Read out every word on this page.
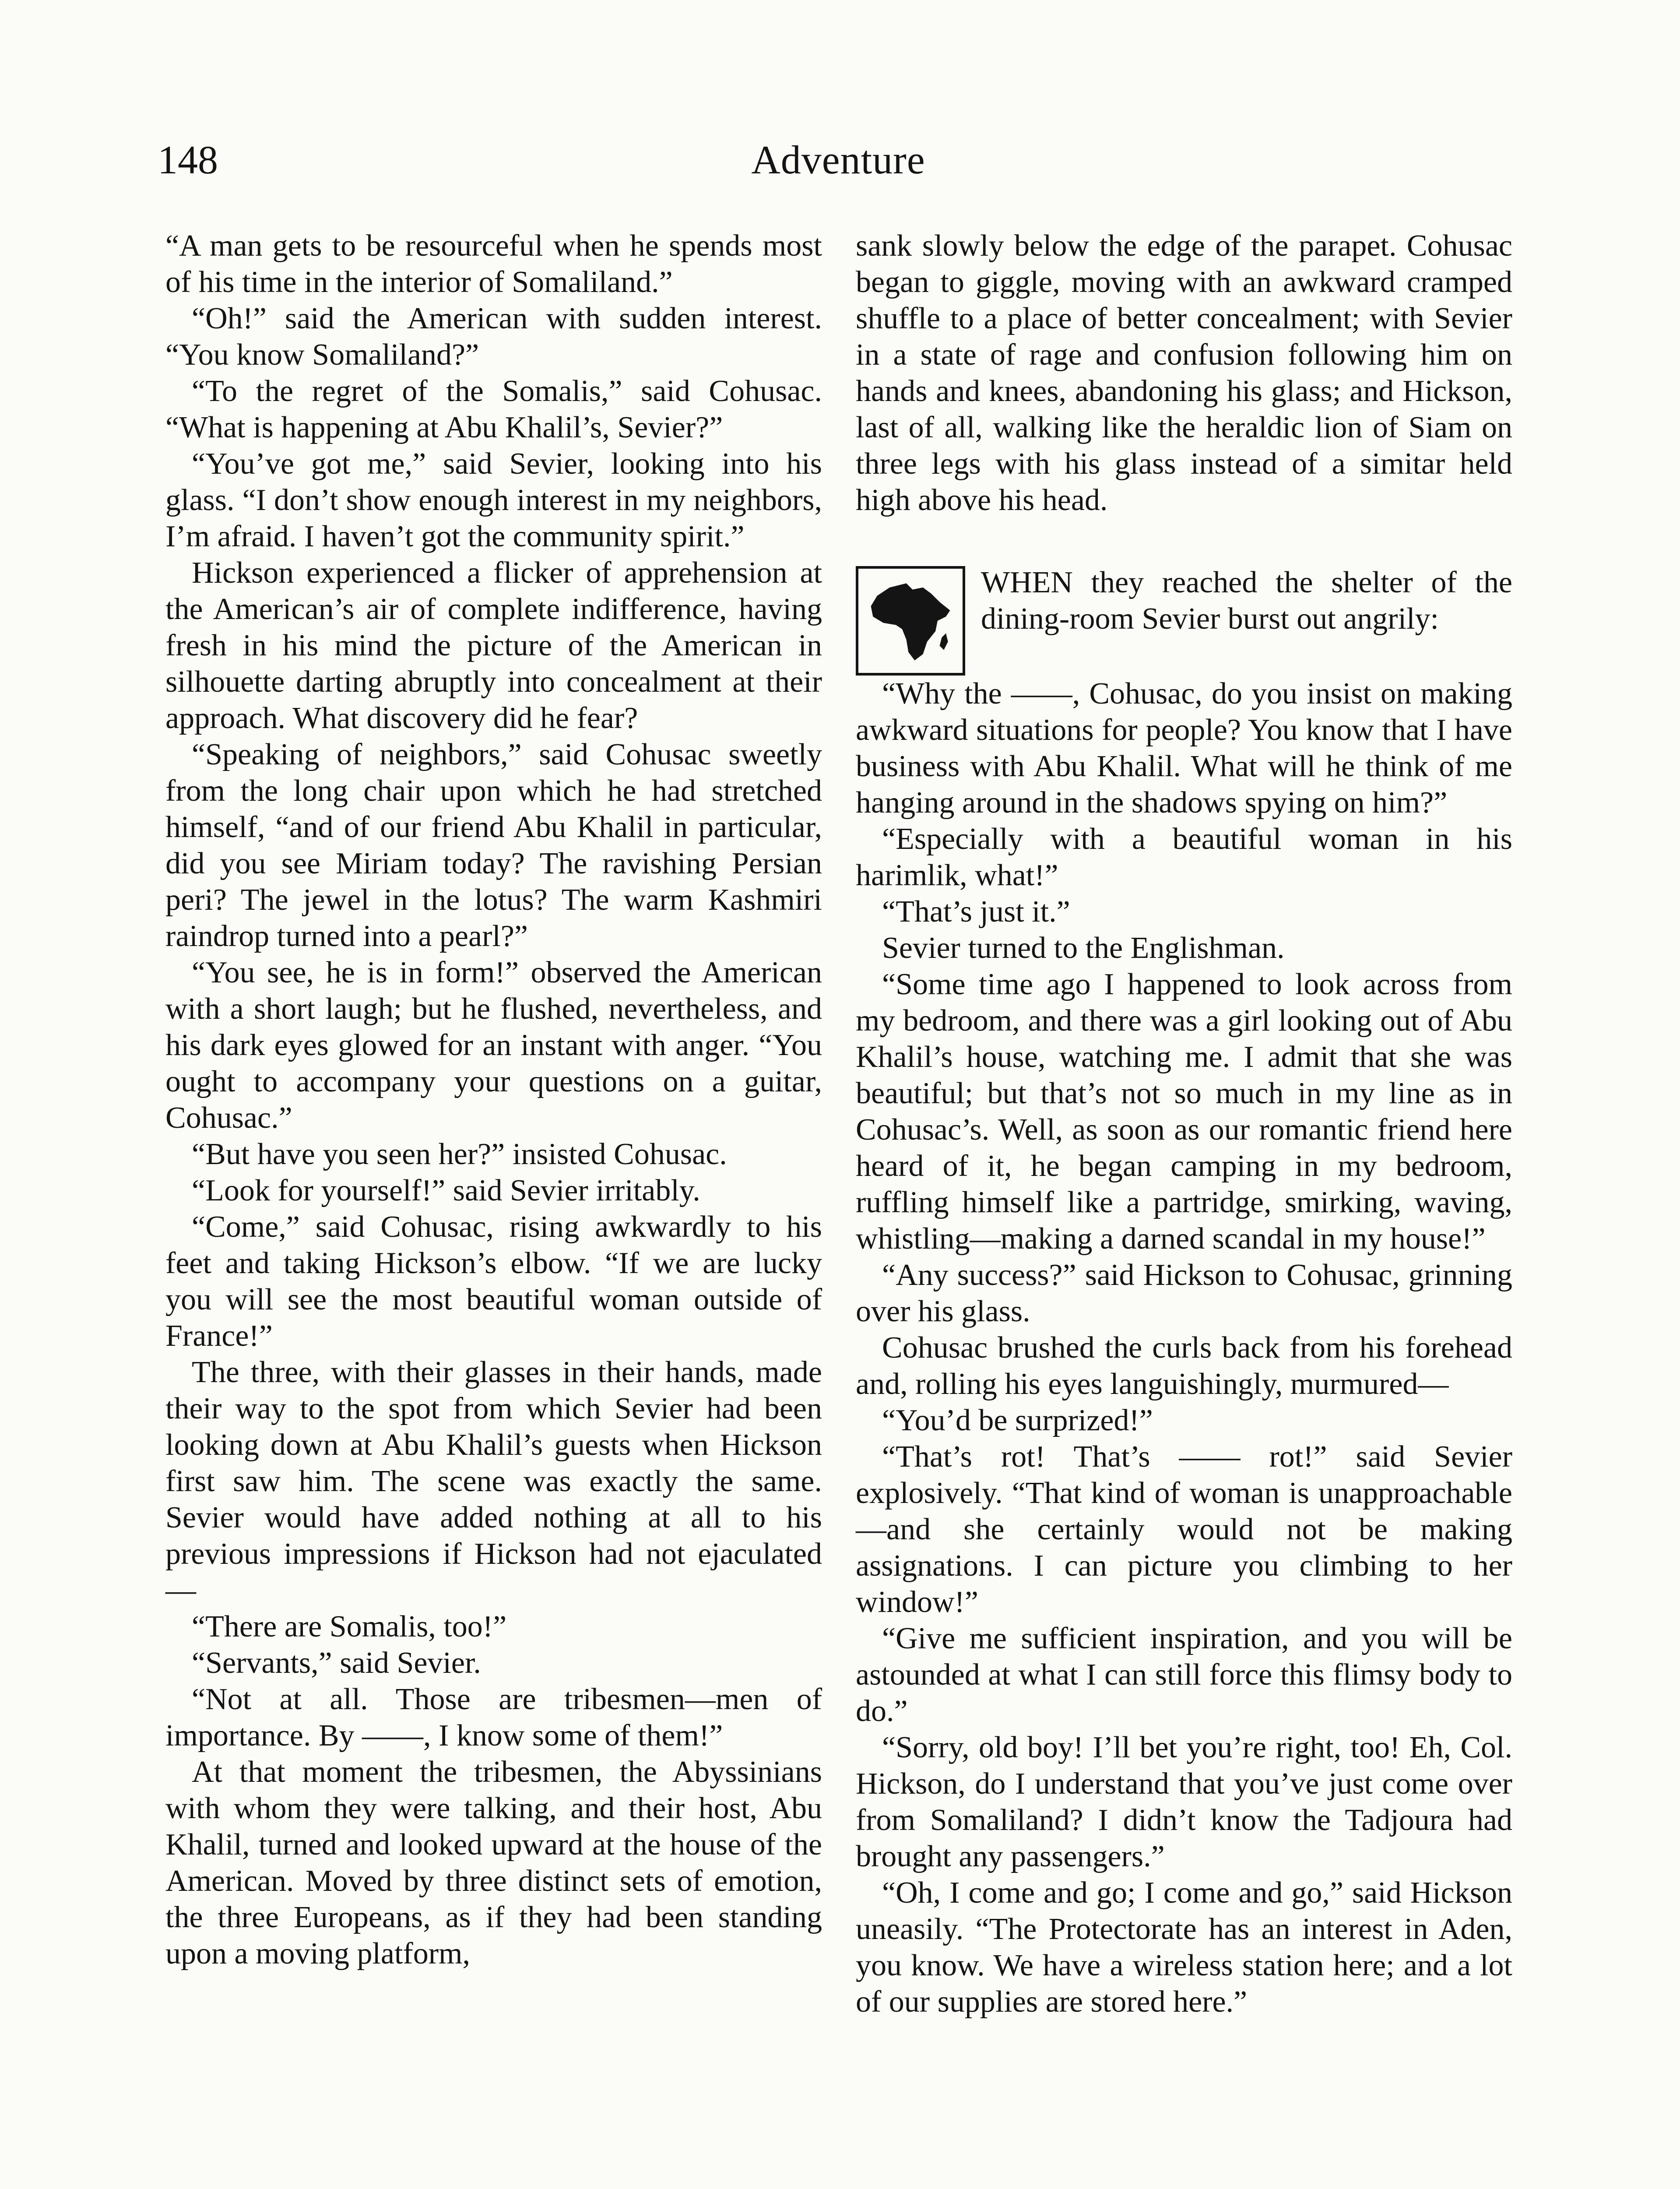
148	Adventure

“A man gets to be resourceful when he spends most of his time in the interior of Somaliland.”

“Oh!” said the American with sudden interest. “You know Somaliland?”

“To the regret of the Somalis,” said Cohusac. “What is happening at Abu Khalil’s, Sevier?”

“You’ve got me,” said Sevier, looking into his glass. “I don’t show enough interest in my neighbors, I’m afraid. I haven’t got the community spirit.”

Hickson experienced a flicker of apprehension at the American’s air of complete indifference, having fresh in his mind the picture of the American in silhouette darting abruptly into concealment at their approach. What discovery did he fear?

“Speaking of neighbors,” said Cohusac sweetly from the long chair upon which he had stretched himself, “and of our friend Abu Khalil in particular, did you see Miriam today? The ravishing Persian peri? The jewel in the lotus? The warm Kashmiri raindrop turned into a pearl?”

“You see, he is in form!” observed the American with a short laugh; but he flushed, nevertheless, and his dark eyes glowed for an instant with anger. “You ought to accompany your questions on a guitar, Cohusac.”

“But have you seen her?” insisted Cohusac.

“Look for yourself!” said Sevier irritably.

“Come,” said Cohusac, rising awkwardly to his feet and taking Hickson’s elbow. “If we are lucky you will see the most beautiful woman outside of France!”

The three, with their glasses in their hands, made their way to the spot from which Sevier had been looking down at Abu Khalil’s guests when Hickson first saw him. The scene was exactly the same. Sevier would have added nothing at all to his previous impressions if Hickson had not ejaculated—

“There are Somalis, too!”

“Servants,” said Sevier.

“Not at all. Those are tribesmen—men of importance. By ——, I know some of them!”

At that moment the tribesmen, the Abyssinians with whom they were talking, and their host, Abu Khalil, turned and looked upward at the house of the American. Moved by three distinct sets of emotion, the three Europeans, as if they had been standing upon a moving platform,

sank slowly below the edge of the parapet. Cohusac began to giggle, moving with an awkward cramped shuffle to a place of better concealment; with Sevier in a state of rage and confusion following him on hands and knees, abandoning his glass; and Hickson, last of all, walking like the heraldic lion of Siam on three legs with his glass instead of a simitar held high above his head.

WHEN they reached the shelter of the dining-room Sevier burst out angrily:

“Why the ——, Cohusac, do you insist on making awkward situations for people? You know that I have business with Abu Khalil. What will he think of me hanging around in the shadows spying on him?”

“Especially with a beautiful woman in his harimlik, what!”

“That’s just it.”

Sevier turned to the Englishman.

“Some time ago I happened to look across from my bedroom, and there was a girl looking out of Abu Khalil’s house, watching me. I admit that she was beautiful; but that’s not so much in my line as in Cohusac’s. Well, as soon as our romantic friend here heard of it, he began camping in my bedroom, ruffling himself like a partridge, smirking, waving, whistling—making a darned scandal in my house!”

“Any success?” said Hickson to Cohusac, grinning over his glass.

Cohusac brushed the curls back from his forehead and, rolling his eyes languishingly, murmured—

“You’d be surprized!”

“That’s rot! That’s —— rot!” said Sevier explosively. “That kind of woman is unapproachable—and she certainly would not be making assignations. I can picture you climbing to her window!”

“Give me sufficient inspiration, and you will be astounded at what I can still force this flimsy body to do.”

“Sorry, old boy! I’ll bet you’re right, too! Eh, Col. Hickson, do I understand that you’ve just come over from Somaliland? I didn’t know the Tadjoura had brought any passengers.”

“Oh, I come and go; I come and go,” said Hickson uneasily. “The Protectorate has an interest in Aden, you know. We have a wireless station here; and a lot of our supplies are stored here.”
